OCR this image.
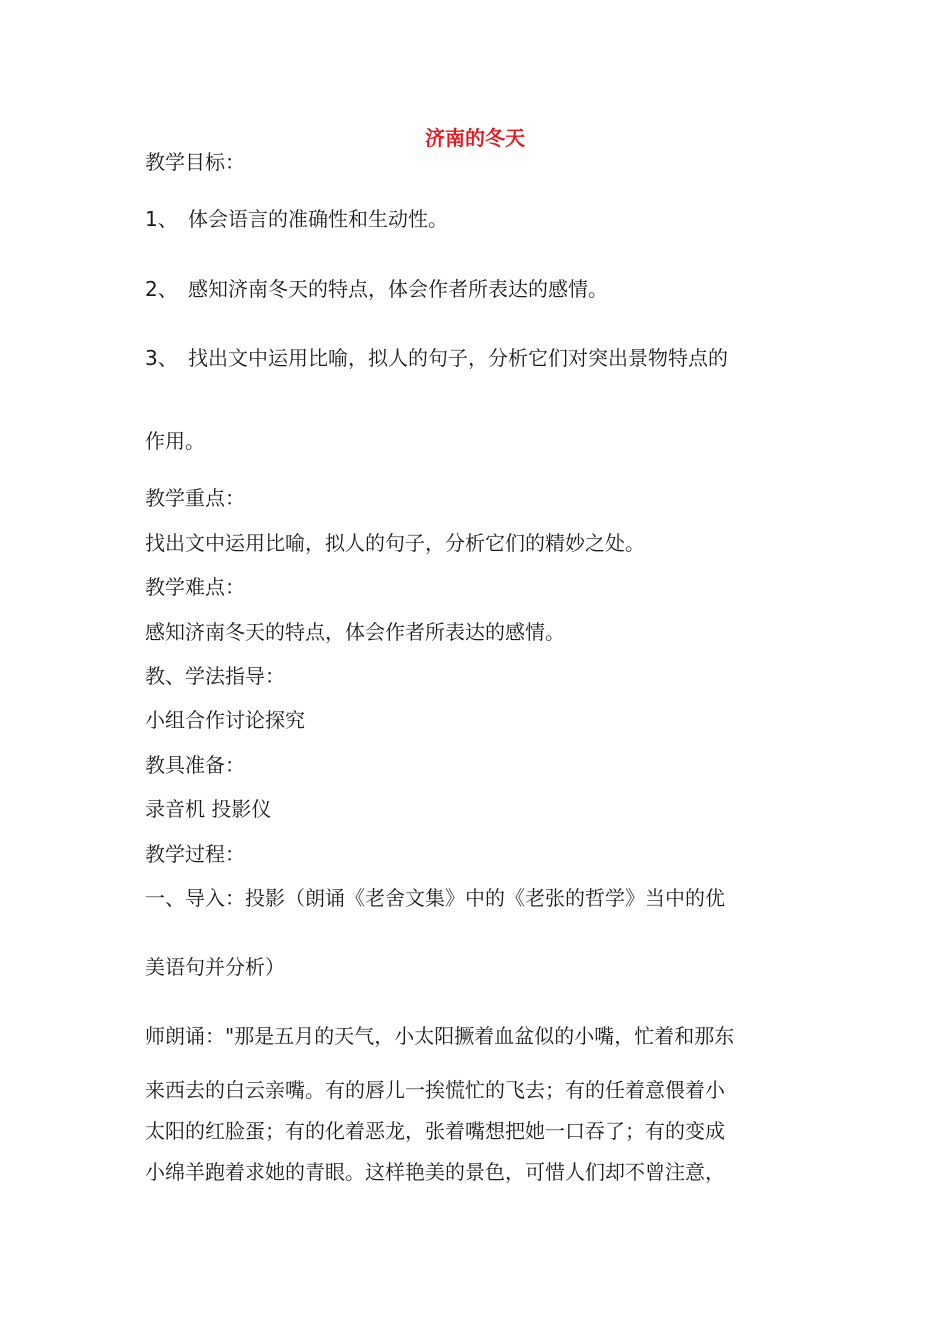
济南的冬天
教学目标：
1、 体会语言的准确性和生动性。
2、 感知济南冬天的特点，体会作者所表达的感情。
3、 找出文中运用比喻，拟人的句子，分析它们对突出景物特点的
作用。
教学重点：
找出文中运用比喻，拟人的句子，分析它们的精妙之处。
教学难点：
感知济南冬天的特点，体会作者所表达的感情。
教、学法指导：
小组合作讨论探究
教具准备：
录音机 投影仪
教学过程：
一、导入：投影（朗诵《老舍文集》中的《老张的哲学》当中的优
美语句并分析）
师朗诵："那是五月的天气，小太阳撅着血盆似的小嘴，忙着和那东
来西去的白云亲嘴。有的唇儿一挨慌忙的飞去；有的任着意偎着小
太阳的红脸蛋；有的化着恶龙，张着嘴想把她一口吞了；有的变成
小绵羊跑着求她的青眼。这样艳美的景色，可惜人们却不曾注意，
